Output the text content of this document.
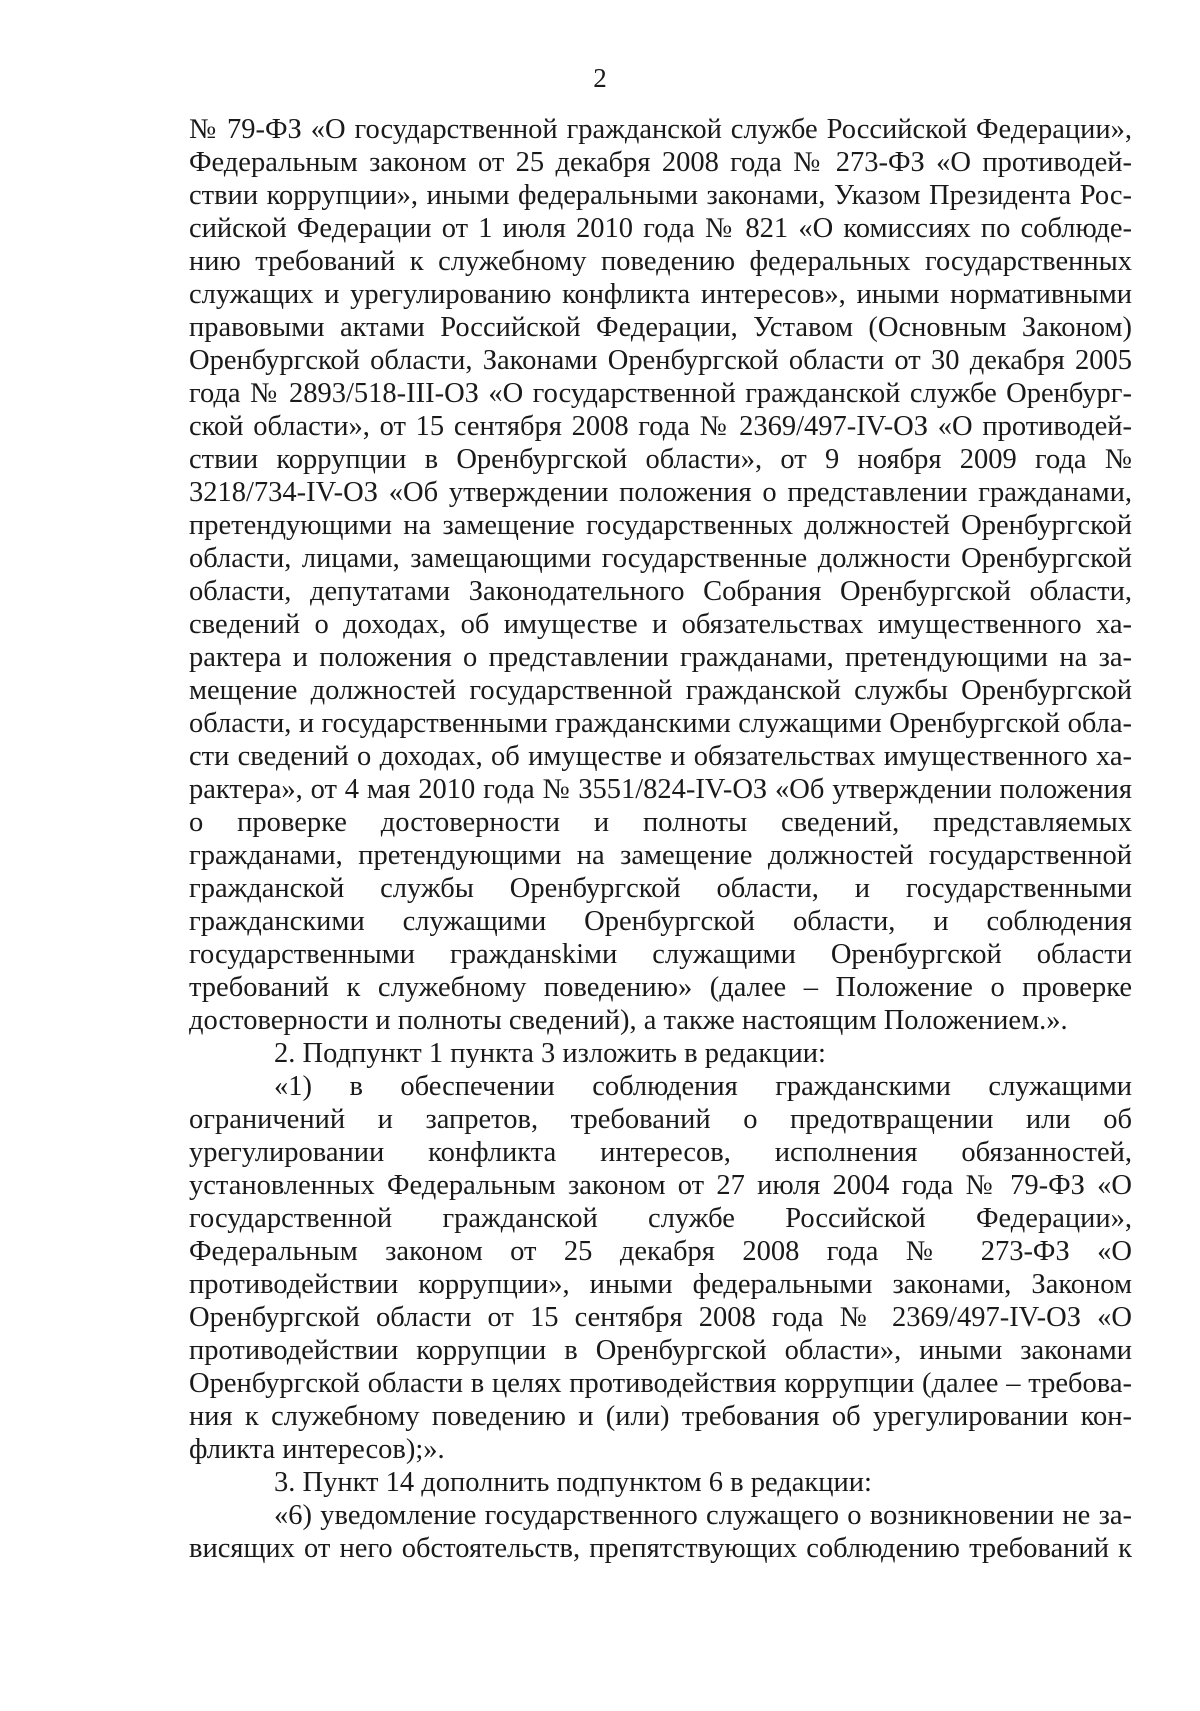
2

№ 79-ФЗ «О государственной гражданской службе Российской Федерации», Федеральным законом от 25 декабря 2008 года № 273-ФЗ «О противодействии коррупции», иными федеральными законами, Указом Президента Российской Федерации от 1 июля 2010 года № 821 «О комиссиях по соблюдению требований к служебному поведению федеральных государственных служащих и урегулированию конфликта интересов», иными нормативными правовыми актами Российской Федерации, Уставом (Основным Законом) Оренбургской области, Законами Оренбургской области от 30 декабря 2005 года № 2893/518-III-ОЗ «О государственной гражданской службе Оренбургской области», от 15 сентября 2008 года № 2369/497-IV-ОЗ «О противодействии коррупции в Оренбургской области», от 9 ноября 2009 года № 3218/734-IV-ОЗ «Об утверждении положения о представлении гражданами, претендующими на замещение государственных должностей Оренбургской области, лицами, замещающими государственные должности Оренбургской области, депутатами Законодательного Собрания Оренбургской области, сведений о доходах, об имуществе и обязательствах имущественного характера и положения о представлении гражданами, претендующими на замещение должностей государственной гражданской службы Оренбургской области, и государственными гражданскими служащими Оренбургской области сведений о доходах, об имуществе и обязательствах имущественного характера», от 4 мая 2010 года № 3551/824-IV-ОЗ «Об утверждении положения о проверке достоверности и полноты сведений, представляемых гражданами, претендующими на замещение должностей государственной гражданской службы Оренбургской области, и государственными гражданскими служащими Оренбургской области, и соблюдения государственными гражданskiми служащими Оренбургской области требований к служебному поведению» (далее – Положение о проверке достоверности и полноты сведений), а также настоящим Положением.».

2. Подпункт 1 пункта 3 изложить в редакции:

«1) в обеспечении соблюдения гражданскими служащими ограничений и запретов, требований о предотвращении или об урегулировании конфликта интересов, исполнения обязанностей, установленных Федеральным законом от 27 июля 2004 года № 79-ФЗ «О государственной гражданской службе Российской Федерации», Федеральным законом от 25 декабря 2008 года № 273-ФЗ «О противодействии коррупции», иными федеральными законами, Законом Оренбургской области от 15 сентября 2008 года № 2369/497-IV-ОЗ «О противодействии коррупции в Оренбургской области», иными законами Оренбургской области в целях противодействия коррупции (далее – требования к служебному поведению и (или) требования об урегулировании конфликта интересов);».

3. Пункт 14 дополнить подпунктом 6 в редакции:

«6) уведомление государственного служащего о возникновении не зависящих от него обстоятельств, препятствующих соблюдению требований к
